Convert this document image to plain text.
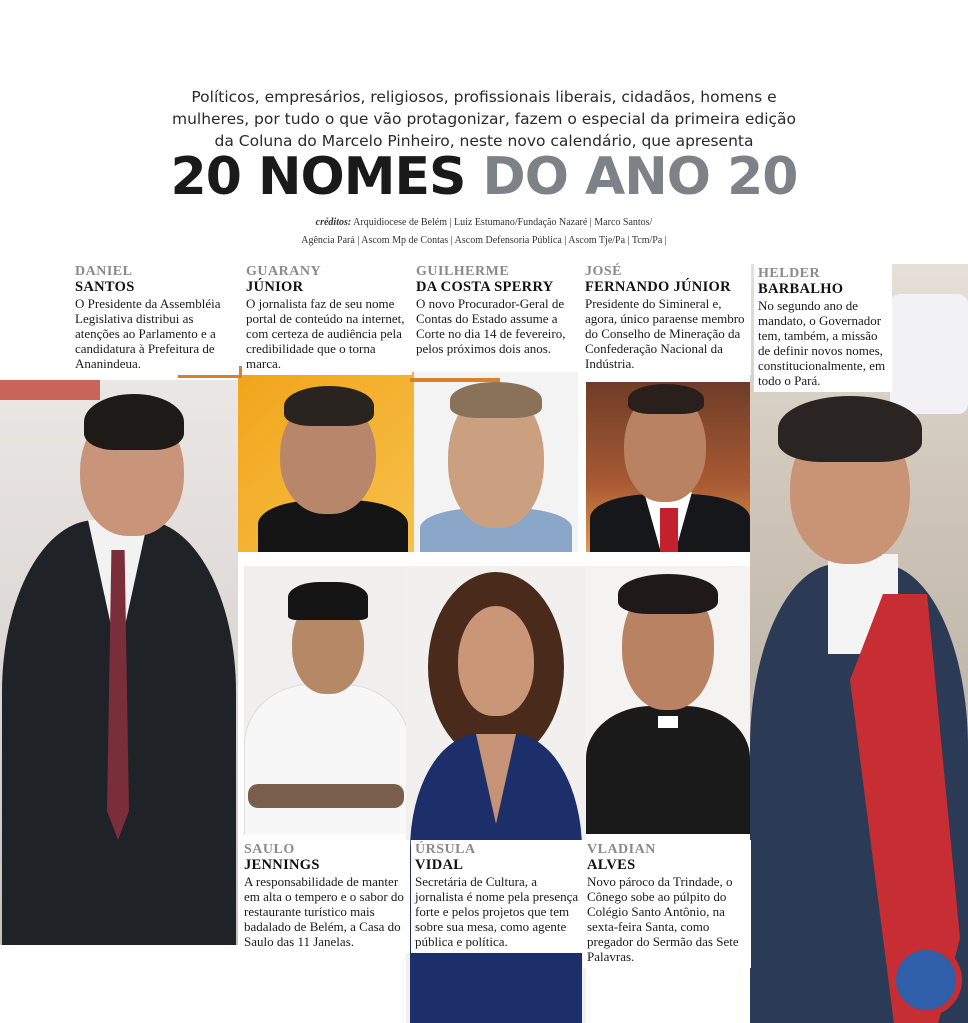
Políticos, empresários, religiosos, profissionais liberais, cidadãos, homens e

mulheres, por tudo o que vão protagonizar, fazem o especial da primeira edição

da Coluna do Marcelo Pinheiro, neste novo calendário, que apresenta

20 NOMES DO ANO 20
créditos: Arquidiocese de Belém | Luiz Estumano/Fundação Nazaré | Marco Santos/
Agência Pará | Ascom Mp de Contas | Ascom Defensoria Pública | Ascom Tje/Pa | Tcm/Pa |
DANIEL
SANTOS
O Presidente da Assembléia Legislativa distribui as atenções ao Parlamento e a candidatura à Prefeitura de Ananindeua.
GUARANY
JÚNIOR
O jornalista faz de seu nome portal de conteúdo na internet, com certeza de audiência pela credibilidade que o torna marca.
GUILHERME
DA COSTA SPERRY
O novo Procurador-Geral de Contas do Estado assume a Corte no dia 14 de fevereiro, pelos próximos dois anos.
JOSÉ
FERNANDO JÚNIOR
Presidente do Simineral e, agora, único paraense membro do Conselho de Mineração da Confederação Nacional da Indústria.
HELDER
BARBALHO
No segundo ano de mandato, o Governador tem, também, a missão de definir novos nomes, constitucionalmente, em todo o Pará.
SAULO
JENNINGS
A responsabilidade de manter em alta o tempero e o sabor do restaurante turístico mais badalado de Belém, a Casa do Saulo das 11 Janelas.
ÚRSULA
VIDAL
Secretária de Cultura, a jornalista é nome pela presença forte e pelos projetos que tem sobre sua mesa, como agente pública e política.
VLADIAN
ALVES
Novo pároco da Trindade, o Cônego sobe ao púlpito do Colégio Santo Antônio, na sexta-feira Santa, como pregador do Sermão das Sete Palavras.
